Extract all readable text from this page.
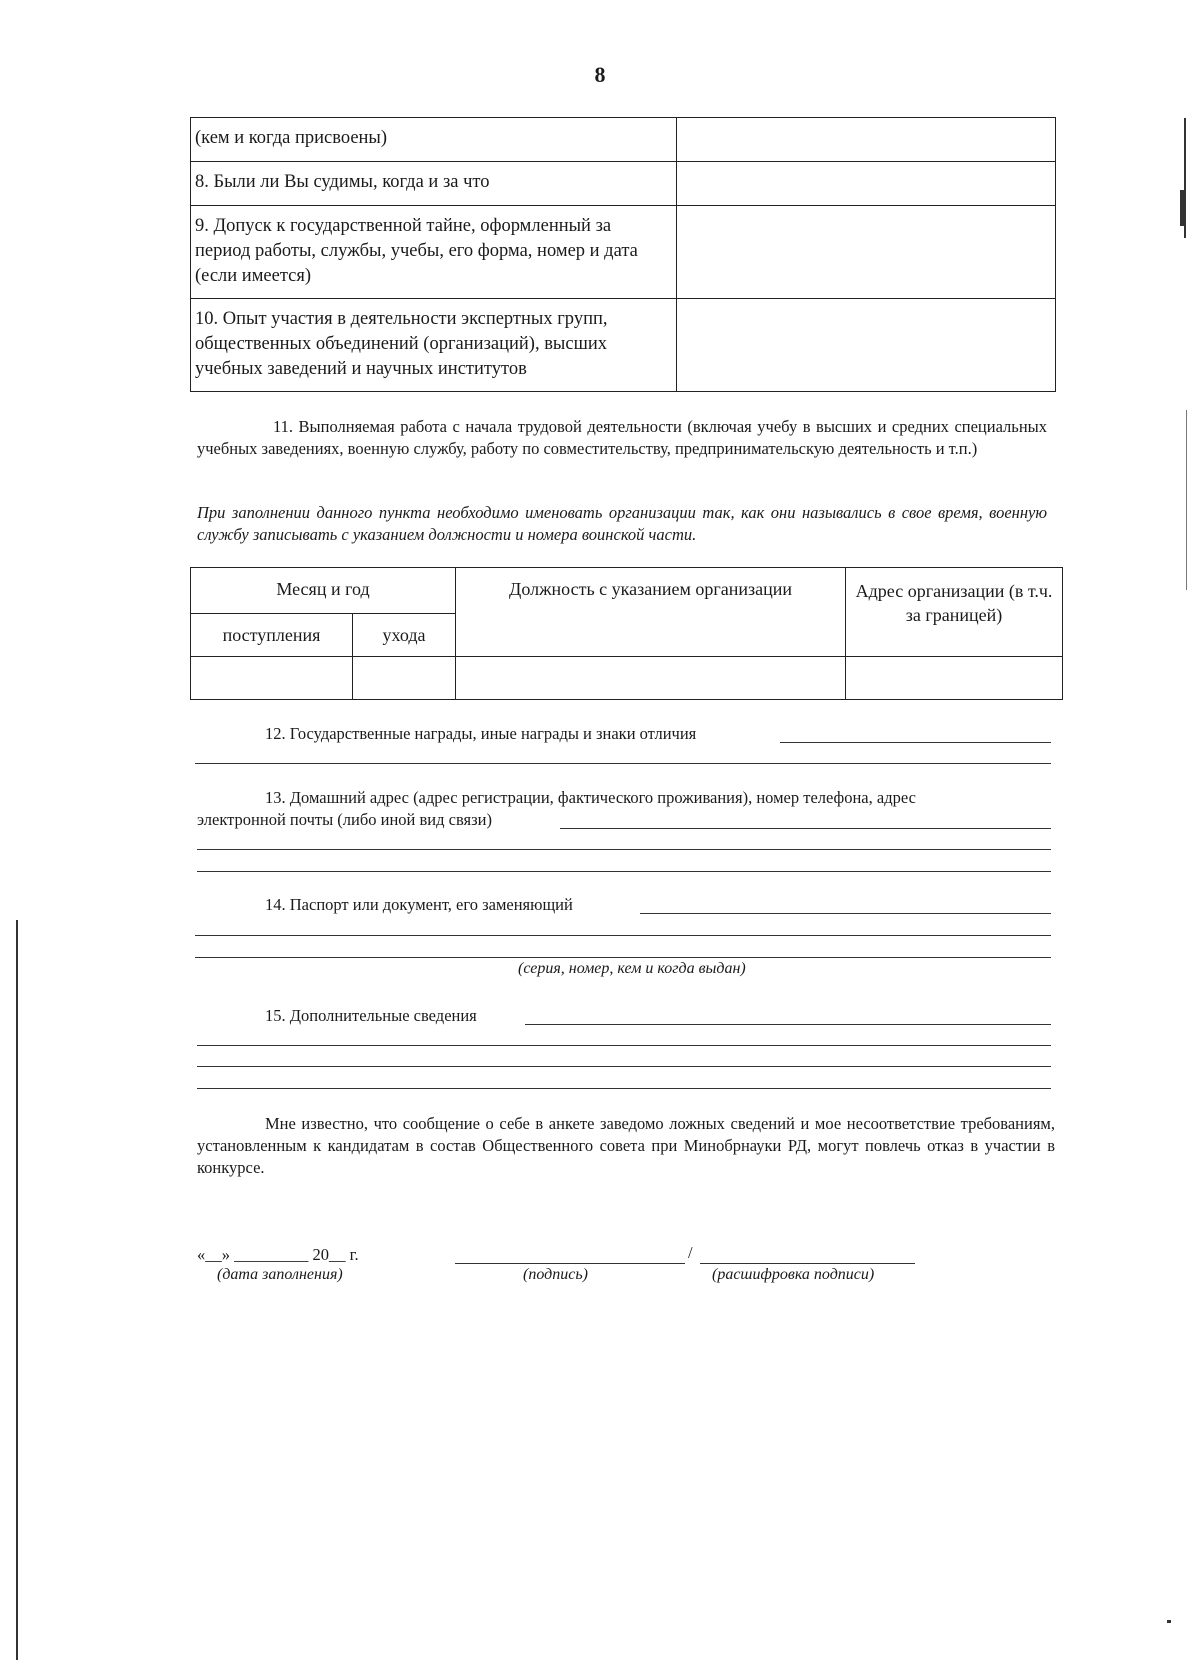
8
(кем и когда присвоены)	
8. Были ли Вы судимы, когда и за что	
9. Допуск к государственной тайне, оформленный за период работы, службы, учебы, его форма, номер и дата (если имеется)	
10. Опыт участия в деятельности экспертных групп, общественных объединений (организаций), высших учебных заведений и научных институтов	
11. Выполняемая работа с начала трудовой деятельности (включая учебу в высших и средних специальных учебных заведениях, военную службу, работу по совместительству, предпринимательскую деятельность и т.п.)
При заполнении данного пункта необходимо именовать организации так, как они назывались в свое время, военную службу записывать с указанием должности и номера воинской части.
Месяц и год		Должность с указанием организации	Адрес организации (в т.ч. за границей)
поступления	ухода		

12. Государственные награды, иные награды и знаки отличия
13. Домашний адрес (адрес регистрации, фактического проживания), номер телефона, адрес
электронной почты (либо иной вид связи)
14. Паспорт или документ, его заменяющий
(серия, номер, кем и когда выдан)
15. Дополнительные сведения
Мне известно, что сообщение о себе в анкете заведомо ложных сведений и мое несоответствие требованиям, установленным к кандидатам в состав Общественного совета при Минобрнауки РД, могут повлечь отказ в участии в конкурсе.
«__» _________ 20__ г.	/
(дата заполнения)	(подпись)	(расшифровка подписи)
